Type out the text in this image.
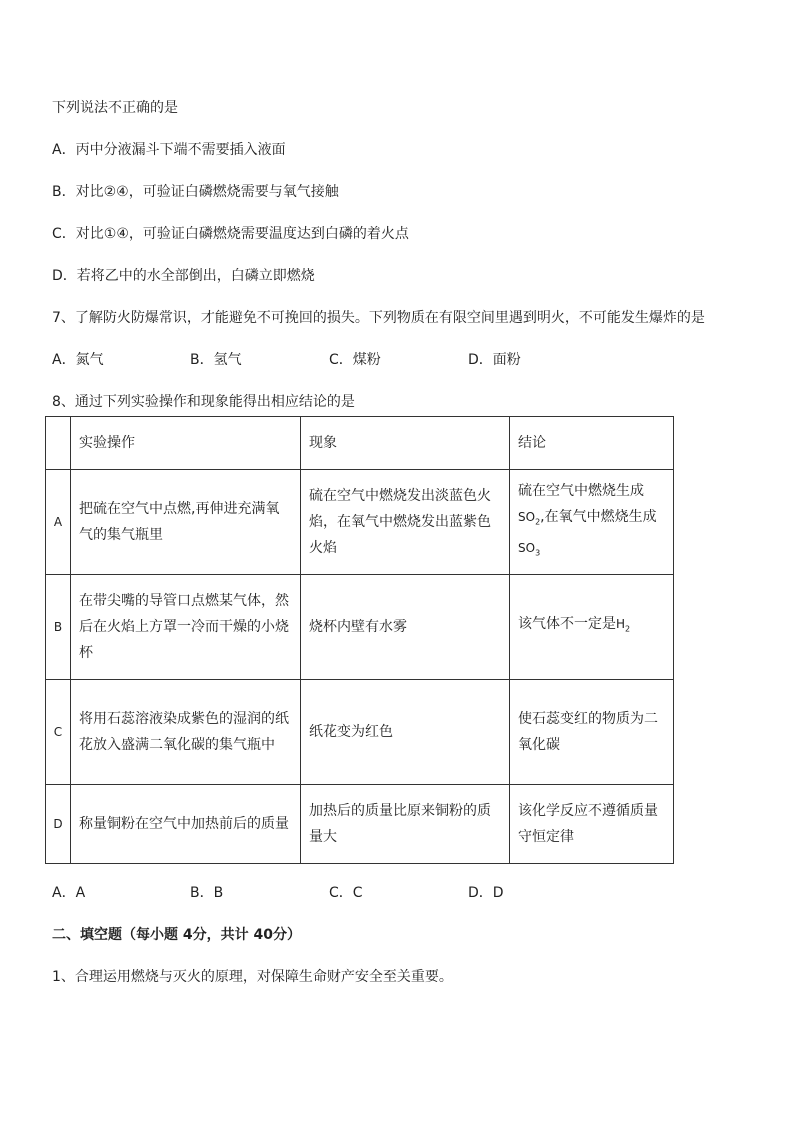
下列说法不正确的是
A．丙中分液漏斗下端不需要插入液面
B．对比②④，可验证白磷燃烧需要与氧气接触
C．对比①④，可验证白磷燃烧需要温度达到白磷的着火点
D．若将乙中的水全部倒出，白磷立即燃烧
7、了解防火防爆常识，才能避免不可挽回的损失。下列物质在有限空间里遇到明火，不可能发生爆炸的是
A．氮气	B．氢气	C．煤粉	D．面粉
8、通过下列实验操作和现象能得出相应结论的是
	实验操作	现象	结论
A	把硫在空气中点燃,再伸进充满氧气的集气瓶里	硫在空气中燃烧发出淡蓝色火焰，在氧气中燃烧发出蓝紫色火焰	硫在空气中燃烧生成
$SO_2$,在氧气中燃烧生成
$SO_3$
B	在带尖嘴的导管口点燃某气体，然后在火焰上方罩一冷而干燥的小烧杯	烧杯内壁有水雾	该气体不一定是$H_2$
C	将用石蕊溶液染成紫色的湿润的纸花放入盛满二氧化碳的集气瓶中	纸花变为红色	使石蕊变红的物质为二氧化碳
D	称量铜粉在空气中加热前后的质量	加热后的质量比原来铜粉的质量大	该化学反应不遵循质量守恒定律
A．A	B．B	C．C	D．D
二、填空题（每小题 4分，共计 40分）
1、合理运用燃烧与灭火的原理，对保障生命财产安全至关重要。
